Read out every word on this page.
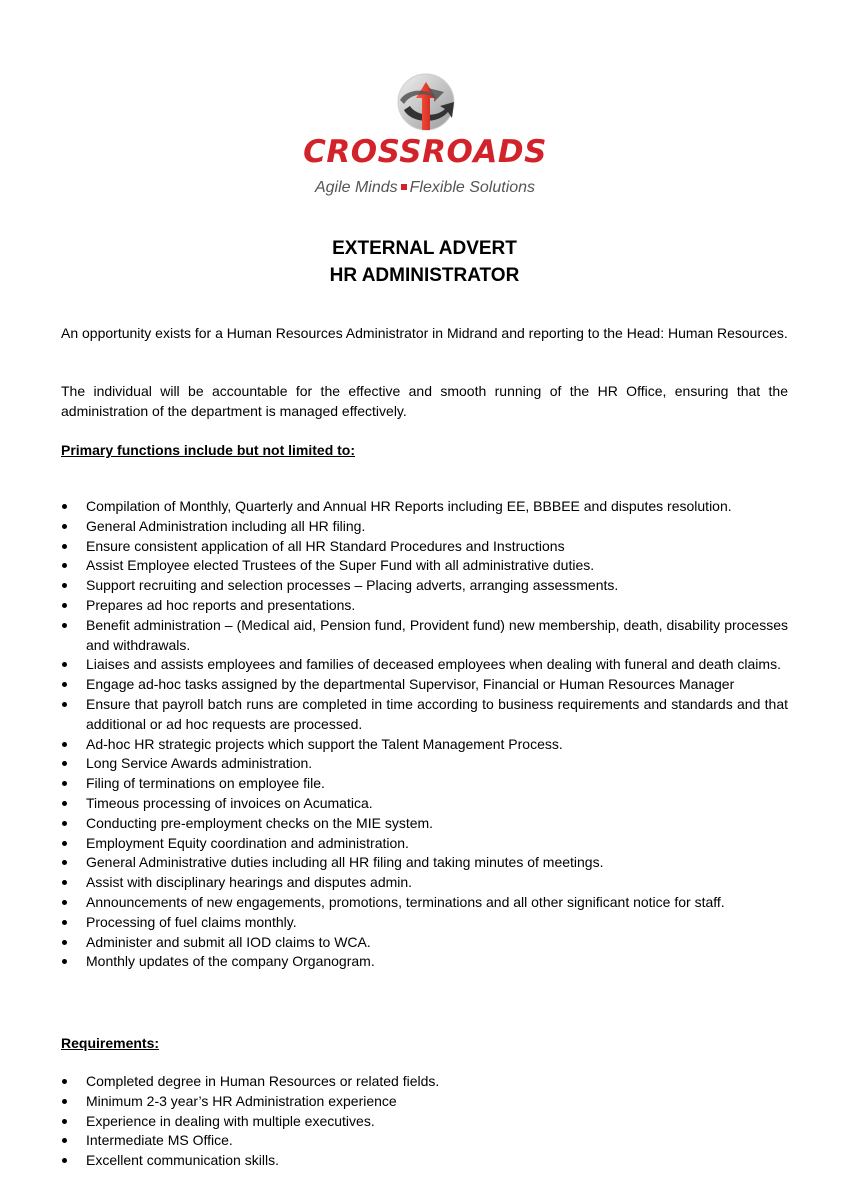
CROSSROADS
Agile Minds Flexible Solutions
EXTERNAL ADVERT
HR ADMINISTRATOR
An opportunity exists for a Human Resources Administrator in Midrand and reporting to the Head: Human Resources.
The individual will be accountable for the effective and smooth running of the HR Office, ensuring that the administration of the department is managed effectively.
Primary functions include but not limited to:
Compilation of Monthly, Quarterly and Annual HR Reports including EE, BBBEE and disputes resolution.
General Administration including all HR filing.
Ensure consistent application of all HR Standard Procedures and Instructions
Assist Employee elected Trustees of the Super Fund with all administrative duties.
Support recruiting and selection processes – Placing adverts, arranging assessments.
Prepares ad hoc reports and presentations.
Benefit administration – (Medical aid, Pension fund, Provident fund) new membership, death, disability processes and withdrawals.
Liaises and assists employees and families of deceased employees when dealing with funeral and death claims.
Engage ad-hoc tasks assigned by the departmental Supervisor, Financial or Human Resources Manager
Ensure that payroll batch runs are completed in time according to business requirements and standards and that additional or ad hoc requests are processed.
Ad-hoc HR strategic projects which support the Talent Management Process.
Long Service Awards administration.
Filing of terminations on employee file.
Timeous processing of invoices on Acumatica.
Conducting pre-employment checks on the MIE system.
Employment Equity coordination and administration.
General Administrative duties including all HR filing and taking minutes of meetings.
Assist with disciplinary hearings and disputes admin.
Announcements of new engagements, promotions, terminations and all other significant notice for staff.
Processing of fuel claims monthly.
Administer and submit all IOD claims to WCA.
Monthly updates of the company Organogram.
Requirements:
Completed degree in Human Resources or related fields.
Minimum 2-3 year’s HR Administration experience
Experience in dealing with multiple executives.
Intermediate MS Office.
Excellent communication skills.
